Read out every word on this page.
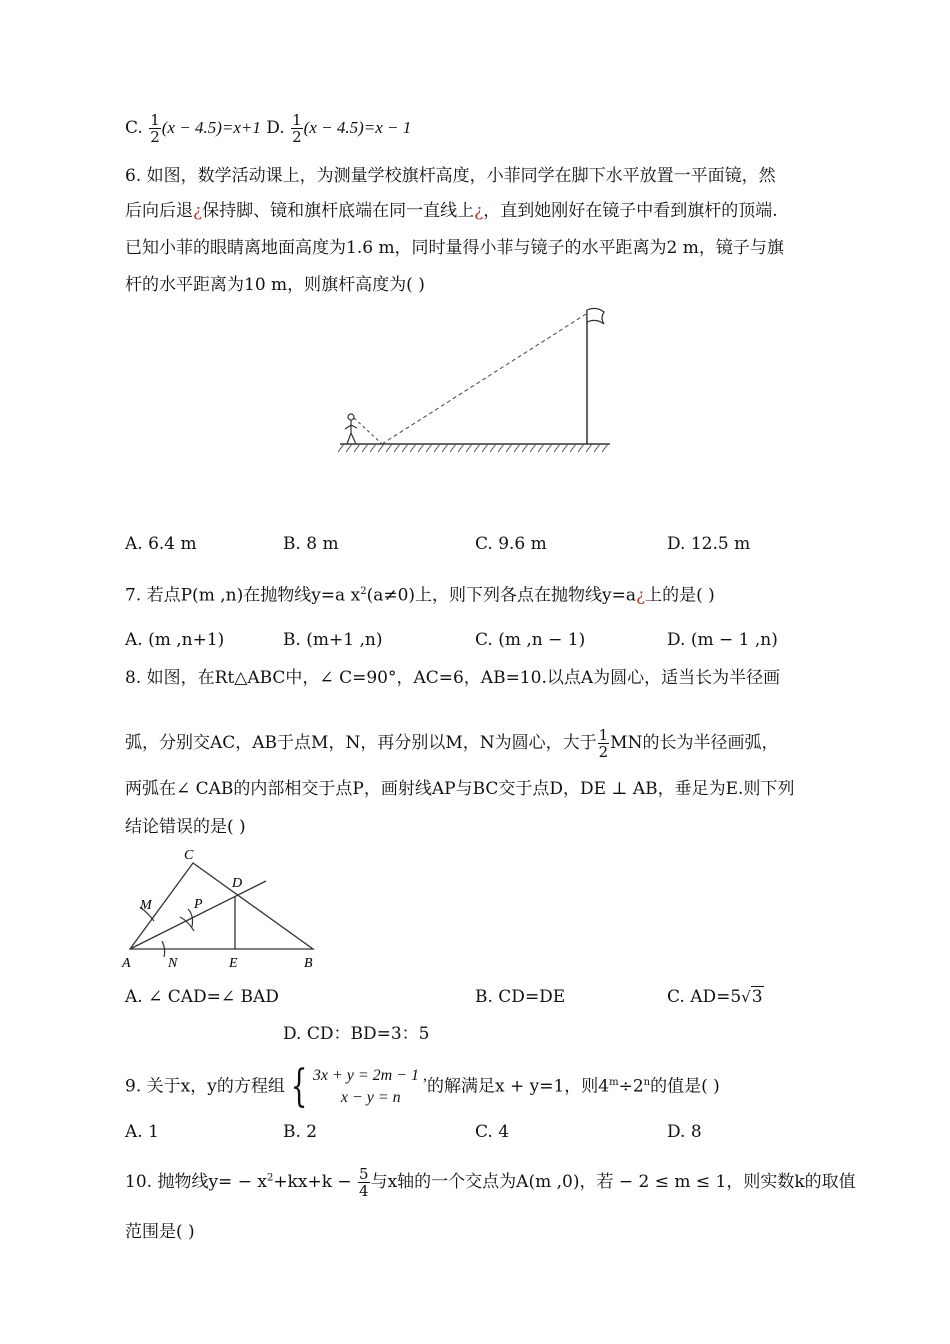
C. $\frac{1}{2} (x - 4.5)=x+1$ D. $\frac{1}{2} (x - 4.5)=x - 1$
6. 如图，数学活动课上，为测量学校旗杆高度，小菲同学在脚下水平放置一平面镜，然
后向后退¿保持脚、镜和旗杆底端在同一直线上¿，直到她刚好在镜子中看到旗杆的顶端.
已知小菲的眼睛离地面高度为1.6 m，同时量得小菲与镜子的水平距离为2 m，镜子与旗
杆的水平距离为10 m，则旗杆高度为( )
A. 6.4 m	B. 8 m	C. 9.6 m	D. 12.5 m
7. 若点P(m ,n)在抛物线y=a $x^2(a\ne 0)$上，则下列各点在抛物线y=a¿上的是( )
A. (m ,n+1)	B. (m+1 ,n)	C. (m ,n − 1)	D. (m − 1 ,n)
8. 如图，在Rt△ABC中，∠ C=90°，AC=6，AB=10.以点A为圆心，适当长为半径画
弧，分别交AC，AB于点M，N，再分别以M，N为圆心，大于 $\frac{1}{2}$ MN的长为半径画弧，
两弧在∠ CAB的内部相交于点P，画射线AP与BC交于点D，DE ⊥ AB，垂足为E.则下列
结论错误的是( )
C
D
M	P
A	N	E	B
A. ∠ CAD=∠ BAD	B. CD=DE	C. AD=5√3
D. CD：BD=3：5
9. 关于x，y的方程组 { 3x + y = 2m − 1 ,
x − y = n
的解满足x + y=1，则$4^m\div 2^n$的值是( )
A. 1	B. 2	C. 4	D. 8
10. 抛物线$y= - x^2+kx+k - \frac{5}{4}$ 与x轴的一个交点为A(m ,0)，若 − 2 ≤ m ≤ 1，则实数k的取值
范围是( )
